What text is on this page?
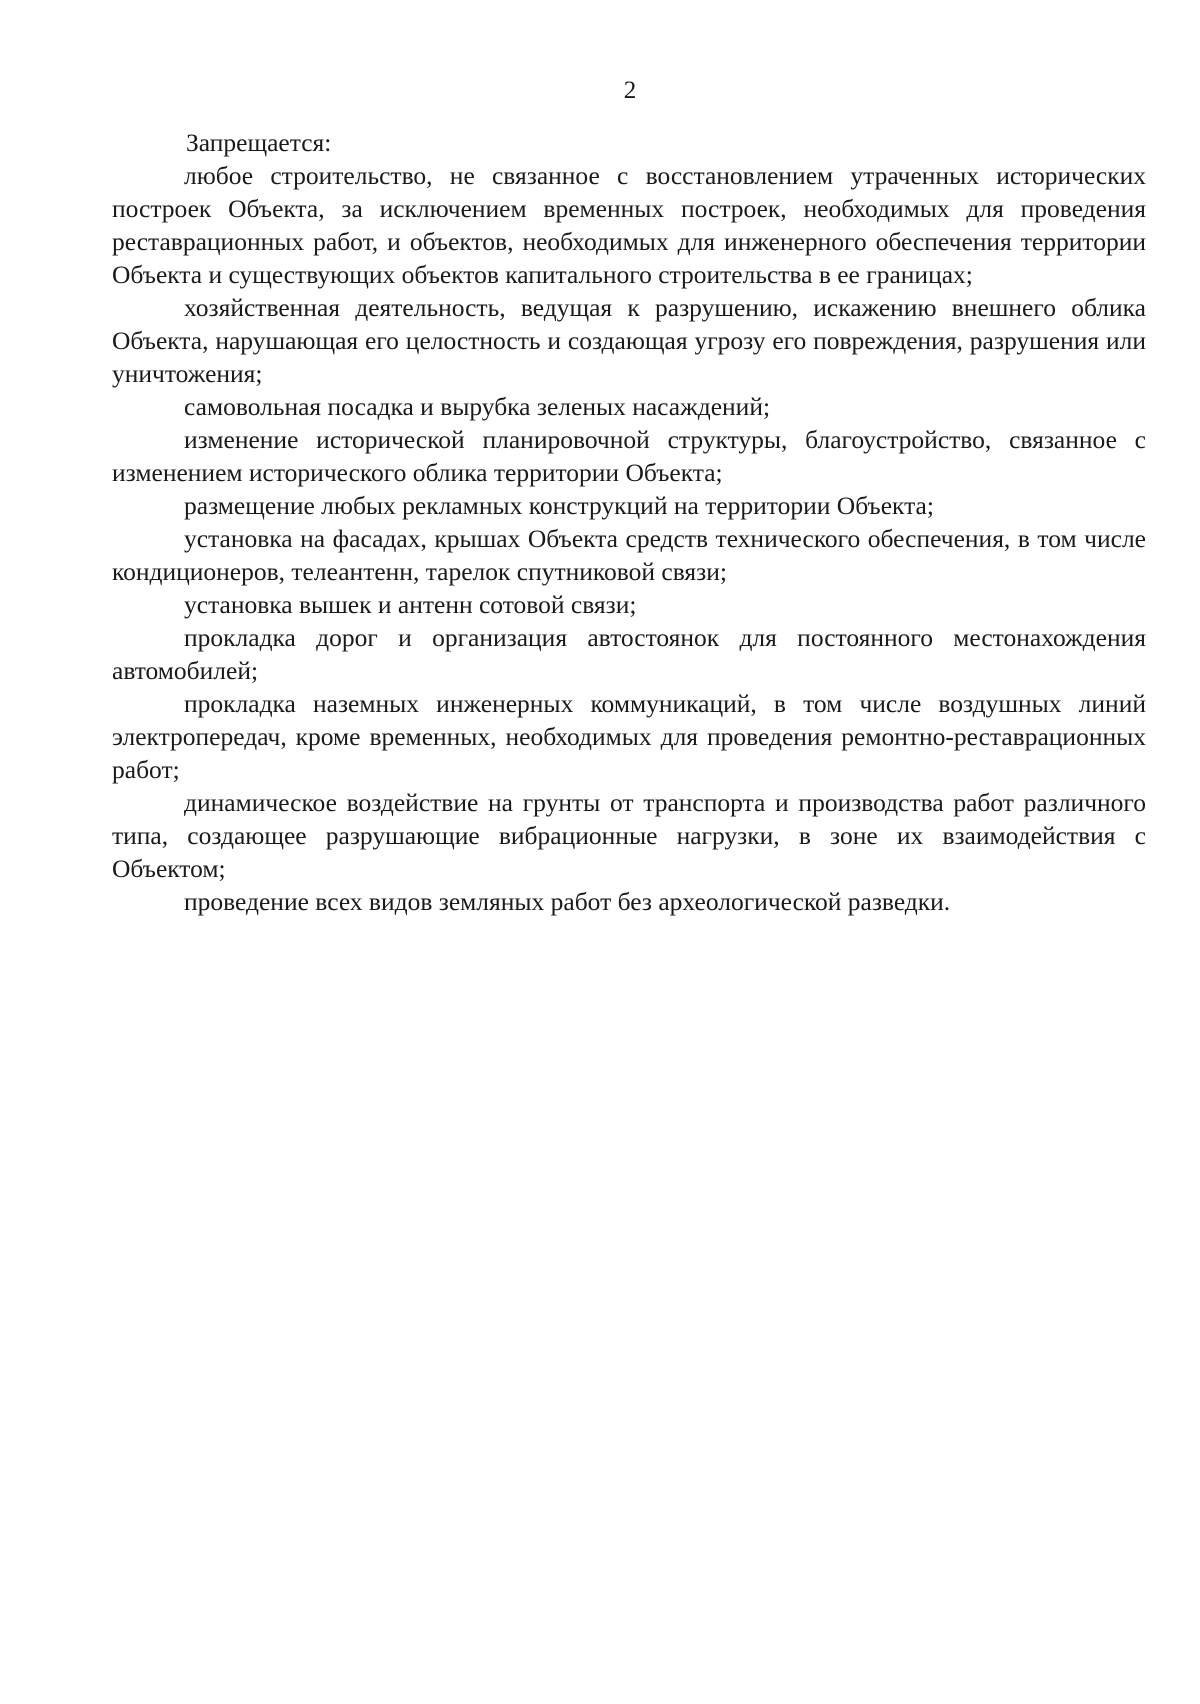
2

Запрещается:

любое строительство, не связанное с восстановлением утраченных исторических построек Объекта, за исключением временных построек, необходимых для проведения реставрационных работ, и объектов, необходимых для инженерного обеспечения территории Объекта и существующих объектов капитального строительства в ее границах;

хозяйственная деятельность, ведущая к разрушению, искажению внешнего облика Объекта, нарушающая его целостность и создающая угрозу его повреждения, разрушения или уничтожения;

самовольная посадка и вырубка зеленых насаждений;

изменение исторической планировочной структуры, благоустройство, связанное с изменением исторического облика территории Объекта;

размещение любых рекламных конструкций на территории Объекта;

установка на фасадах, крышах Объекта средств технического обеспечения, в том числе кондиционеров, телеантенн, тарелок спутниковой связи;

установка вышек и антенн сотовой связи;

прокладка дорог и организация автостоянок для постоянного местонахождения автомобилей;

прокладка наземных инженерных коммуникаций, в том числе воздушных линий электропередач, кроме временных, необходимых для проведения ремонтно-реставрационных работ;

динамическое воздействие на грунты от транспорта и производства работ различного типа, создающее разрушающие вибрационные нагрузки, в зоне их взаимодействия с Объектом;

проведение всех видов земляных работ без археологической разведки.
